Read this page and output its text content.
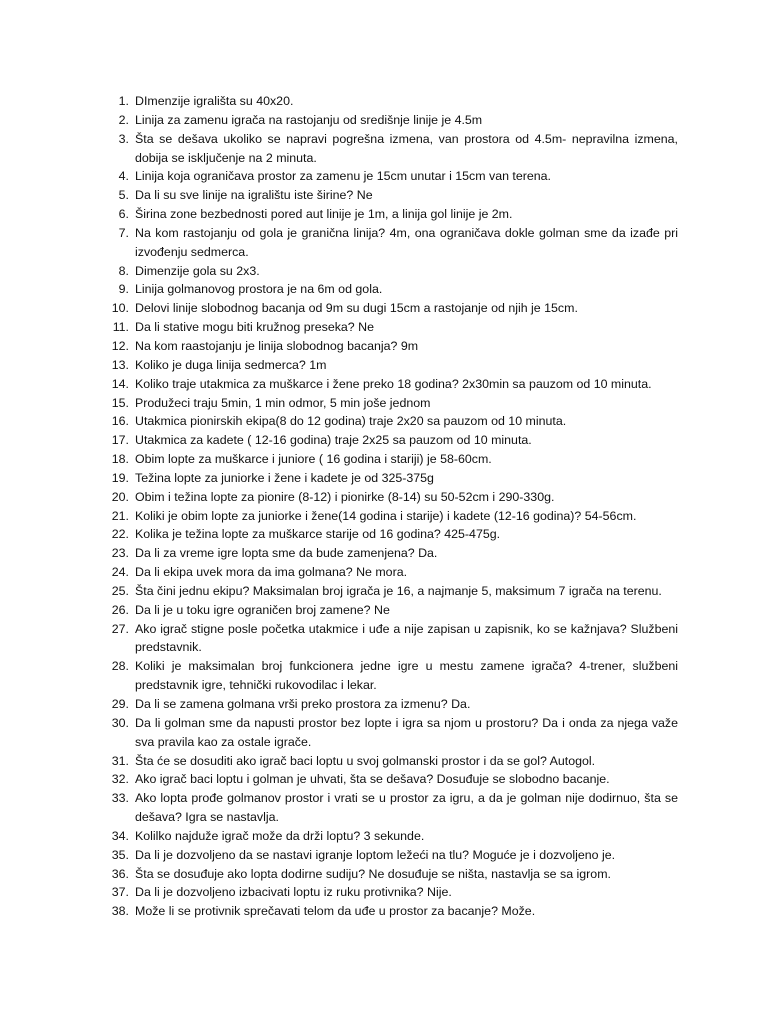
1. DImenzije igrališta su 40x20.
2. Linija za zamenu igrača na rastojanju od središnje linije je 4.5m
3. Šta se dešava ukoliko se napravi pogrešna izmena, van prostora od 4.5m- nepravilna izmena, dobija se isključenje na 2 minuta.
4. Linija koja ograničava prostor za zamenu je 15cm unutar i 15cm van terena.
5. Da li su sve linije na igralištu iste širine? Ne
6. Širina zone bezbednosti pored aut linije je 1m, a linija gol linije je 2m.
7. Na kom rastojanju od gola je granična linija? 4m, ona ograničava dokle golman sme da izađe pri izvođenju sedmerca.
8. Dimenzije gola su 2x3.
9. Linija golmanovog prostora je na 6m od gola.
10. Delovi linije slobodnog bacanja od 9m su dugi 15cm a rastojanje od njih je 15cm.
11. Da li stative mogu biti kružnog preseka? Ne
12. Na kom raastojanju je linija slobodnog bacanja? 9m
13. Koliko je duga linija sedmerca? 1m
14. Koliko traje utakmica za muškarce i žene preko 18 godina? 2x30min sa pauzom od 10 minuta.
15. Produžeci traju 5min, 1 min odmor, 5 min jošе jednom
16. Utakmica pionirskih ekipa(8 do 12 godina) traje 2x20 sa pauzom od 10 minuta.
17. Utakmica za kadete ( 12-16 godina) traje 2x25 sa pauzom od 10 minuta.
18. Obim lopte za muškarce i juniore ( 16 godina i stariji) je 58-60cm.
19. Težina lopte za juniorke i žene i kadete je od 325-375g
20. Obim i težina lopte za pionire (8-12) i pionirke (8-14) su 50-52cm i 290-330g.
21. Koliki je obim lopte za juniorke i žene(14 godina i starije) i kadete (12-16 godina)? 54-56cm.
22. Kolika je težina lopte za muškarce starije od 16 godina? 425-475g.
23. Da li za vreme igre lopta sme da bude zamenjena? Da.
24. Da li ekipa uvek mora da ima golmana? Ne mora.
25. Šta čini jednu ekipu? Maksimalan broj igrača je 16, a najmanje 5, maksimum 7 igrača na terenu.
26. Da li je u toku igre ograničen broj zamene? Ne
27. Ako igrač stigne posle početka utakmice i uđe a nije zapisan u zapisnik, ko se kažnjava? Službeni predstavnik.
28. Koliki je maksimalan broj funkcionera jedne igre u mestu zamene igrača? 4-trener, službeni predstavnik igre, tehnički rukovodilac i lekar.
29. Da li se zamena golmana vrši preko prostora za izmenu? Da.
30. Da li golman sme da napusti prostor bez lopte i igra sa njom u prostoru? Da i onda za njega važe sva pravila kao za ostale igrače.
31. Šta će se dosuditi ako igrač baci loptu u svoj golmanski prostor i da se gol? Autogol.
32. Ako igrač baci loptu i golman je uhvati, šta se dešava? Dosuđuje se slobodno bacanje.
33. Ako lopta prođe golmanov prostor i vrati se u prostor za igru, a da je golman nije dodirnuo, šta se dešava? Igra se nastavlja.
34. Kolilko najduže igrač može da drži loptu? 3 sekunde.
35. Da li je dozvoljeno da se nastavi igranje loptom ležeći na tlu? Moguće je i dozvoljeno je.
36. Šta se dosuđuje ako lopta dodirne sudiju? Ne dosuđuje se ništa, nastavlja se sa igrom.
37. Da li je dozvoljeno izbacivati loptu iz ruku protivnika? Nije.
38. Može li se protivnik sprečavati telom da uđe u prostor za bacanje? Može.
